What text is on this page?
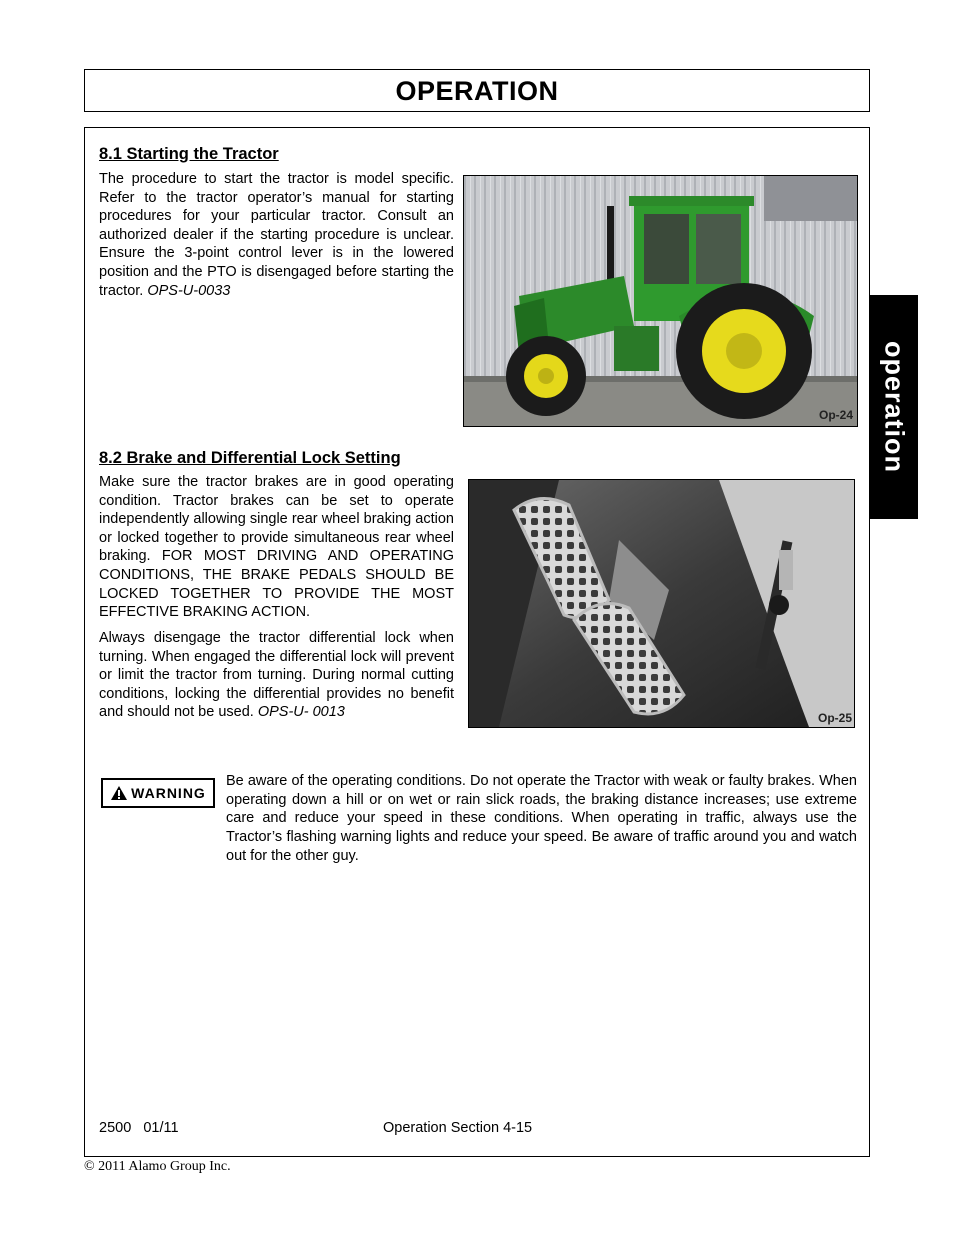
OPERATION
operation
8.1 Starting the Tractor

The procedure to start the tractor is model specific. Refer to the tractor operator’s manual for starting procedures for your particular tractor. Consult an authorized dealer if the starting procedure is unclear. Ensure the 3-point control lever is in the lowered position and the PTO is disengaged before starting the tractor. OPS-U-0033

Op-24
8.2 Brake and Differential Lock Setting

Make sure the tractor brakes are in good operating condition. Tractor brakes can be set to operate independently allowing single rear wheel braking action or locked together to provide simultaneous rear wheel braking. FOR MOST DRIVING AND OPERATING CONDITIONS, THE BRAKE PEDALS SHOULD BE LOCKED TOGETHER TO PROVIDE THE MOST EFFECTIVE BRAKING ACTION.

Always disengage the tractor differential lock when turning. When engaged the differential lock will prevent or limit the tractor from turning. During normal cutting conditions, locking the differential provides no benefit and should not be used. OPS-U- 0013	Op-25
WARNING

Be aware of the operating conditions. Do not operate the Tractor with weak or faulty brakes. When operating down a hill or on wet or rain slick roads, the braking distance increases; use extreme care and reduce your speed in these conditions. When operating in traffic, always use the Tractor’s flashing warning lights and reduce your speed. Be aware of traffic around you and watch out for the other guy.

2500   01/11	Operation Section 4-15
© 2011 Alamo Group Inc.
